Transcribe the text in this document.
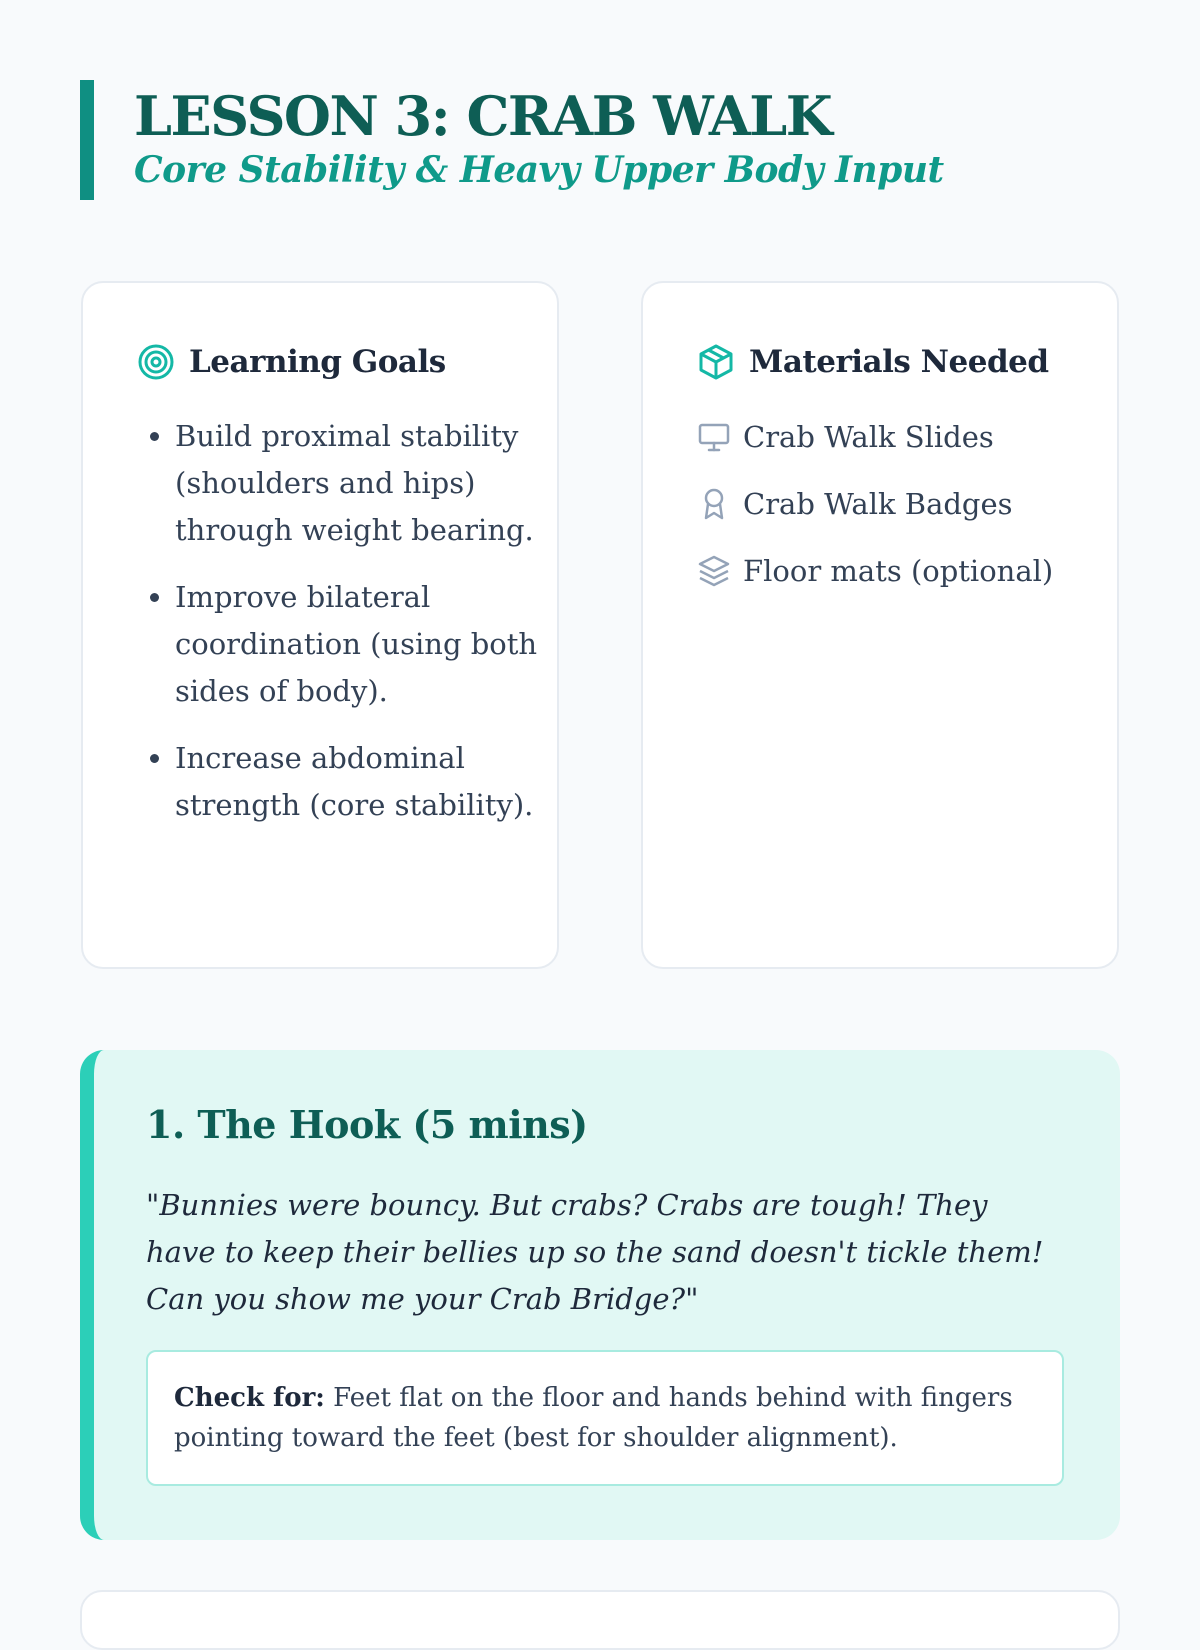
LESSON 3: CRAB WALK
Core Stability & Heavy Upper Body Input
Learning Goals
• Build proximal stability (shoulders and hips) through weight bearing.
• Improve bilateral coordination (using both sides of body).
• Increase abdominal strength (core stability).
Materials Needed
Crab Walk Slides
Crab Walk Badges
Floor mats (optional)
1. The Hook (5 mins)
"Bunnies were bouncy. But crabs? Crabs are tough! They have to keep their bellies up so the sand doesn't tickle them! Can you show me your Crab Bridge?"
Check for: Feet flat on the floor and hands behind with fingers pointing toward the feet (best for shoulder alignment).
